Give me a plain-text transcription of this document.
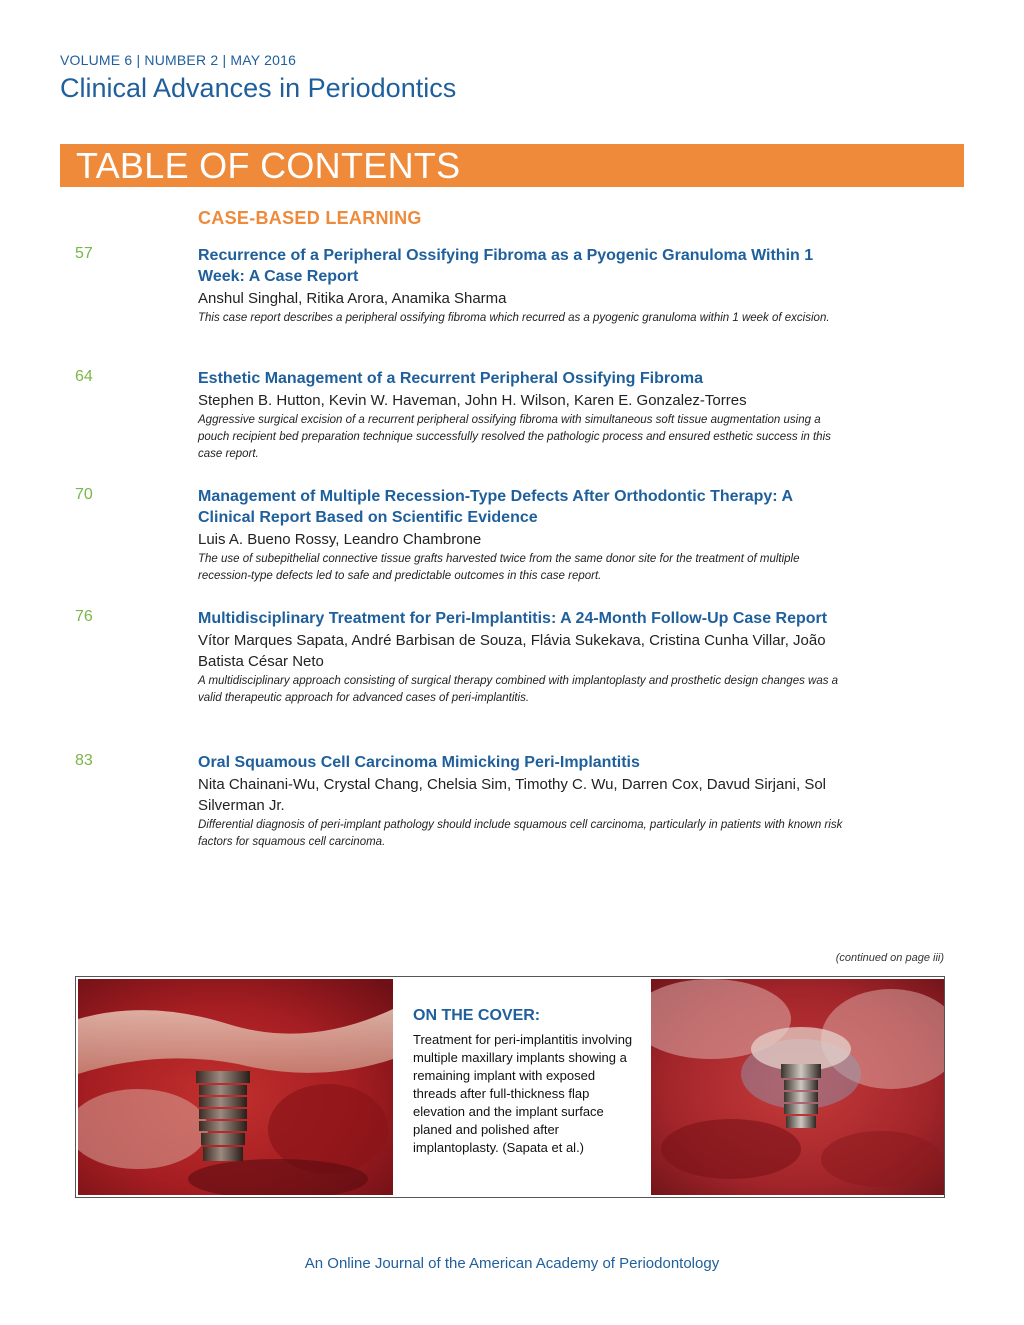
VOLUME 6 | NUMBER 2 | MAY 2016
Clinical Advances in Periodontics
TABLE OF CONTENTS
CASE-BASED LEARNING
57	Recurrence of a Peripheral Ossifying Fibroma as a Pyogenic Granuloma Within 1 Week: A Case Report
Anshul Singhal, Ritika Arora, Anamika Sharma
This case report describes a peripheral ossifying fibroma which recurred as a pyogenic granuloma within 1 week of excision.
64	Esthetic Management of a Recurrent Peripheral Ossifying Fibroma
Stephen B. Hutton, Kevin W. Haveman, John H. Wilson, Karen E. Gonzalez-Torres
Aggressive surgical excision of a recurrent peripheral ossifying fibroma with simultaneous soft tissue augmentation using a pouch recipient bed preparation technique successfully resolved the pathologic process and ensured esthetic success in this case report.
70	Management of Multiple Recession-Type Defects After Orthodontic Therapy: A Clinical Report Based on Scientific Evidence
Luis A. Bueno Rossy, Leandro Chambrone
The use of subepithelial connective tissue grafts harvested twice from the same donor site for the treatment of multiple recession-type defects led to safe and predictable outcomes in this case report.
76	Multidisciplinary Treatment for Peri-Implantitis: A 24-Month Follow-Up Case Report
Vítor Marques Sapata, André Barbisan de Souza, Flávia Sukekava, Cristina Cunha Villar, João Batista César Neto
A multidisciplinary approach consisting of surgical therapy combined with implantoplasty and prosthetic design changes was a valid therapeutic approach for advanced cases of peri-implantitis.
83	Oral Squamous Cell Carcinoma Mimicking Peri-Implantitis
Nita Chainani-Wu, Crystal Chang, Chelsia Sim, Timothy C. Wu, Darren Cox, Davud Sirjani, Sol Silverman Jr.
Differential diagnosis of peri-implant pathology should include squamous cell carcinoma, particularly in patients with known risk factors for squamous cell carcinoma.
(continued on page iii)
ON THE COVER:
Treatment for peri-implantitis involving multiple maxillary implants showing a remaining implant with exposed threads after full-thickness flap elevation and the implant surface planed and polished after implantoplasty. (Sapata et al.)
An Online Journal of the American Academy of Periodontology
